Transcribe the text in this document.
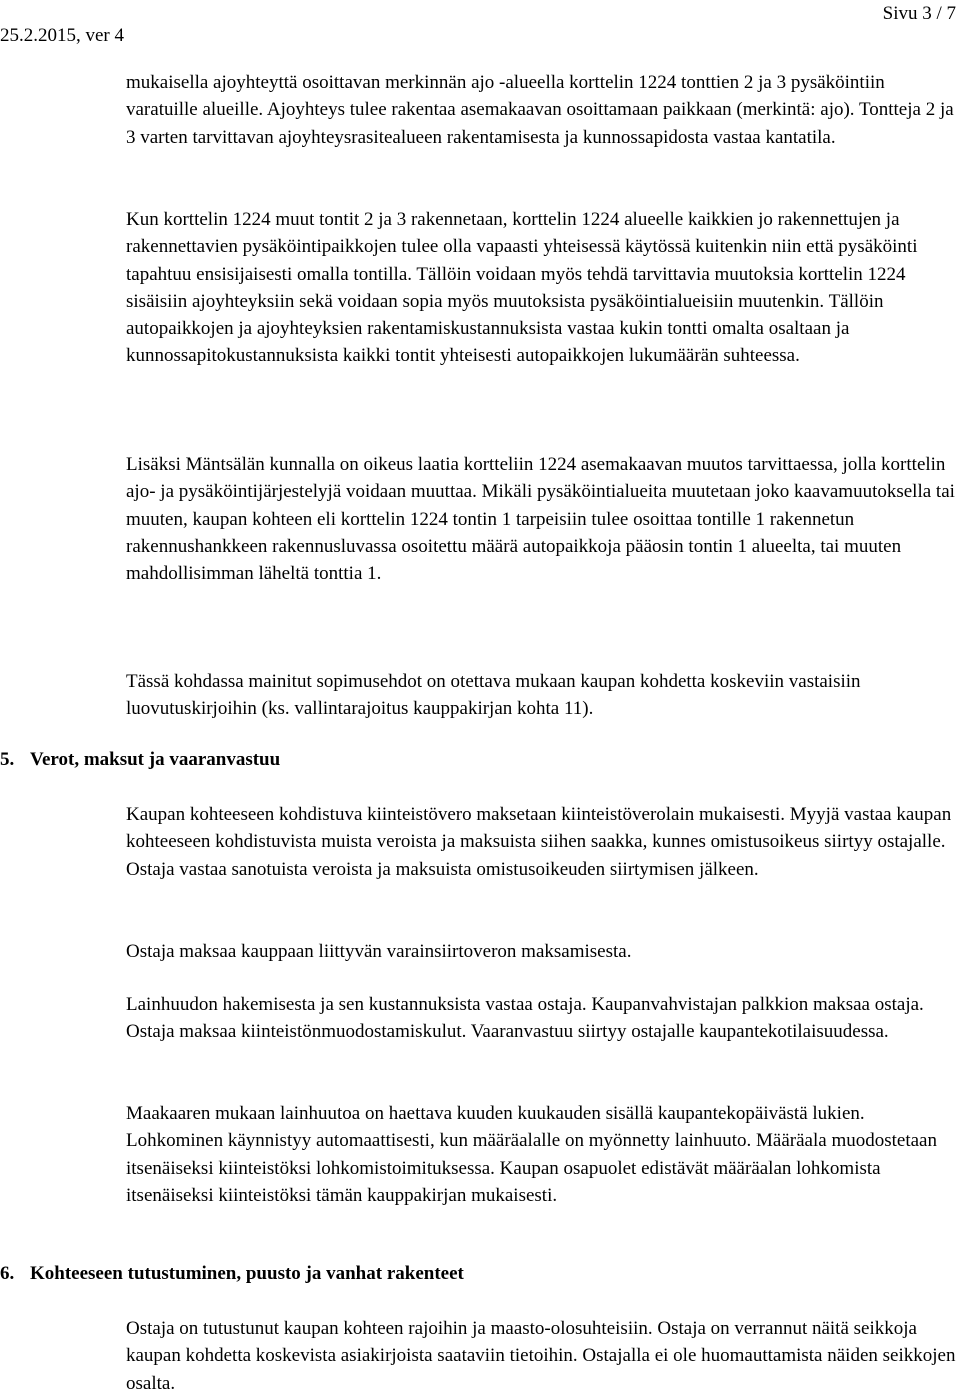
Sivu 3 / 7
25.2.2015, ver 4

mukaisella ajoyhteyttä osoittavan merkinnän ajo -alueella korttelin 1224 tonttien 2 ja 3 pysäköintiin varatuille alueille. Ajoyhteys tulee rakentaa asemakaavan osoittamaan paikkaan (merkintä: ajo). Tontteja 2 ja 3 varten tarvittavan ajoyhteysrasitealueen rakentamisesta ja kunnossapidosta vastaa kantatila.

Kun korttelin 1224 muut tontit 2 ja 3 rakennetaan, korttelin 1224 alueelle kaikkien jo rakennettujen ja rakennettavien pysäköintipaikkojen tulee olla vapaasti yhteisessä käytössä kuitenkin niin että pysäköinti tapahtuu ensisijaisesti omalla tontilla. Tällöin voidaan myös tehdä tarvittavia muutoksia korttelin 1224 sisäisiin ajoyhteyksiin sekä voidaan sopia myös muutoksista pysäköintialueisiin muutenkin. Tällöin autopaikkojen ja ajoyhteyksien rakentamiskustannuksista vastaa kukin tontti omalta osaltaan ja kunnossapitokustannuksista kaikki tontit yhteisesti autopaikkojen lukumäärän suhteessa.

Lisäksi Mäntsälän kunnalla on oikeus laatia kortteliin 1224 asemakaavan muutos tarvittaessa, jolla korttelin ajo- ja pysäköintijärjestelyjä voidaan muuttaa. Mikäli pysäköintialueita muutetaan joko kaavamuutoksella tai muuten, kaupan kohteen eli korttelin 1224 tontin 1 tarpeisiin tulee osoittaa tontille 1 rakennetun rakennushankkeen rakennusluvassa osoitettu määrä autopaikkoja pääosin tontin 1 alueelta, tai muuten mahdollisimman läheltä tonttia 1.

Tässä kohdassa mainitut sopimusehdot on otettava mukaan kaupan kohdetta koskeviin vastaisiin luovutuskirjoihin (ks. vallintarajoitus kauppakirjan kohta 11).

5. Verot, maksut ja vaaranvastuu

Kaupan kohteeseen kohdistuva kiinteistövero maksetaan kiinteistöverolain mukaisesti. Myyjä vastaa kaupan kohteeseen kohdistuvista muista veroista ja maksuista siihen saakka, kunnes omistusoikeus siirtyy ostajalle. Ostaja vastaa sanotuista veroista ja maksuista omistusoikeuden siirtymisen jälkeen.

Ostaja maksaa kauppaan liittyvän varainsiirtoveron maksamisesta.

Lainhuudon hakemisesta ja sen kustannuksista vastaa ostaja. Kaupanvahvistajan palkkion maksaa ostaja. Ostaja maksaa kiinteistönmuodostamiskulut. Vaaranvastuu siirtyy ostajalle kaupantekotilaisuudessa.

Maakaaren mukaan lainhuutoa on haettava kuuden kuukauden sisällä kaupantekopäivästä lukien. Lohkominen käynnistyy automaattisesti, kun määräalalle on myönnetty lainhuuto. Määräala muodostetaan itsenäiseksi kiinteistöksi lohkomistoimituksessa. Kaupan osapuolet edistävät määräalan lohkomista itsenäiseksi kiinteistöksi tämän kauppakirjan mukaisesti.

6. Kohteeseen tutustuminen, puusto ja vanhat rakenteet

Ostaja on tutustunut kaupan kohteen rajoihin ja maasto-olosuhteisiin. Ostaja on verrannut näitä seikkoja kaupan kohdetta koskevista asiakirjoista saataviin tietoihin. Ostajalla ei ole huomauttamista näiden seikkojen osalta.
